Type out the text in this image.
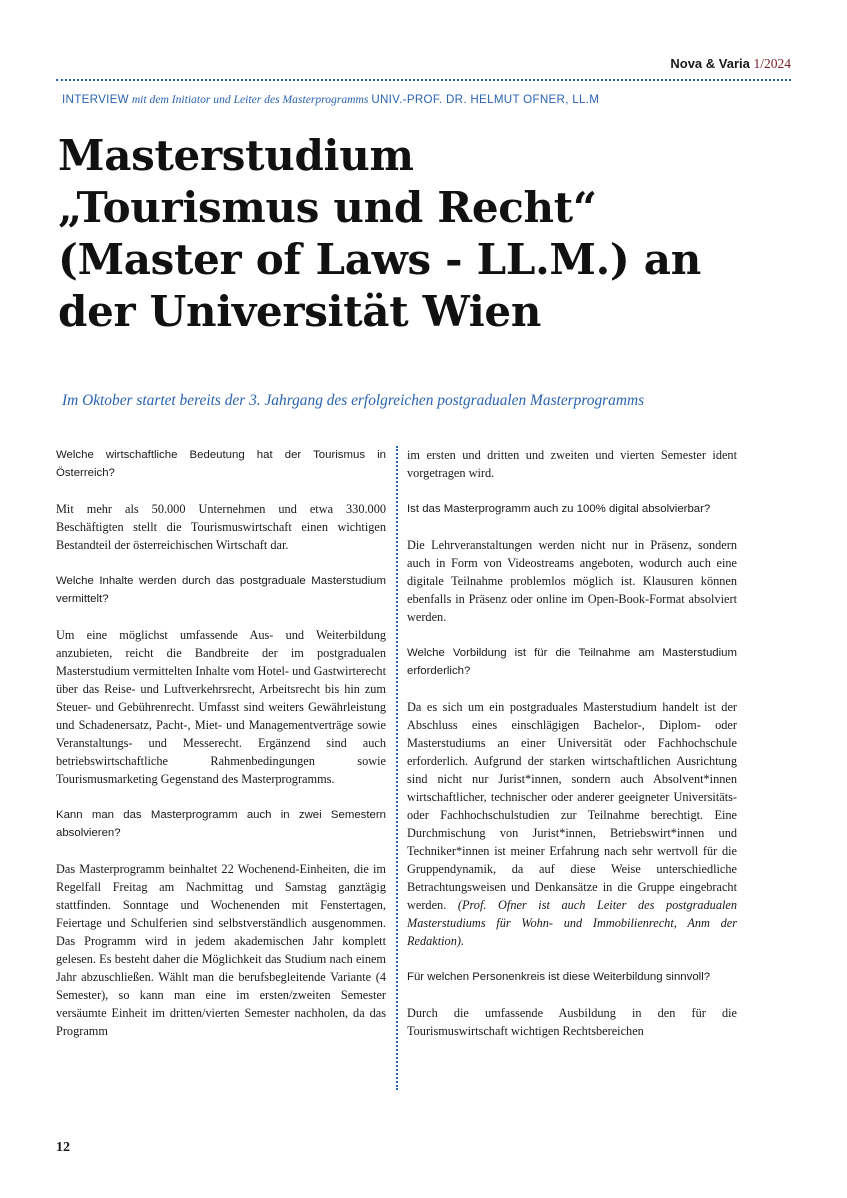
Nova & Varia 1/2024
INTERVIEW mit dem Initiator und Leiter des Masterprogramms UNIV.-PROF. DR. HELMUT OFNER, LL.M
Masterstudium
„Tourismus und Recht“
(Master of Laws - LL.M.) an
der Universität Wien
Im Oktober startet bereits der 3. Jahrgang des erfolgreichen postgradualen Masterprogramms

Welche wirtschaftliche Bedeutung hat der Tourismus in Österreich?

Mit mehr als 50.000 Unternehmen und etwa 330.000 Beschäftigten stellt die Tourismuswirtschaft einen wichtigen Bestandteil der österreichischen Wirtschaft dar.

Welche Inhalte werden durch das postgraduale Masterstudium vermittelt?

Um eine möglichst umfassende Aus- und Weiterbildung anzubieten, reicht die Bandbreite der im postgradualen Masterstudium vermittelten Inhalte vom Hotel- und Gastwirterecht über das Reise- und Luftverkehrsrecht, Arbeitsrecht bis hin zum Steuer- und Gebührenrecht. Umfasst sind weiters Gewährleistung und Schadenersatz, Pacht-, Miet- und Managementverträge sowie Veranstaltungs- und Messerecht. Ergänzend sind auch betriebswirtschaftliche Rahmenbedingungen sowie Tourismusmarketing Gegenstand des Masterprogramms.

Kann man das Masterprogramm auch in zwei Semestern absolvieren?

Das Masterprogramm beinhaltet 22 Wochenend-Einheiten, die im Regelfall Freitag am Nachmittag und Samstag ganztägig stattfinden. Sonntage und Wochenenden mit Fenstertagen, Feiertage und Schulferien sind selbstverständlich ausgenommen. Das Programm wird in jedem akademischen Jahr komplett gelesen. Es besteht daher die Möglichkeit das Studium nach einem Jahr abzuschließen. Wählt man die berufsbegleitende Variante (4 Semester), so kann man eine im ersten/zweiten Semester versäumte Einheit im dritten/vierten Semester nachholen, da das Programm

im ersten und dritten und zweiten und vierten Semester ident vorgetragen wird.

Ist das Masterprogramm auch zu 100% digital absolvierbar?

Die Lehrveranstaltungen werden nicht nur in Präsenz, sondern auch in Form von Videostreams angeboten, wodurch auch eine digitale Teilnahme problemlos möglich ist. Klausuren können ebenfalls in Präsenz oder online im Open-Book-Format absolviert werden.

Welche Vorbildung ist für die Teilnahme am Masterstudium erforderlich?

Da es sich um ein postgraduales Masterstudium handelt ist der Abschluss eines einschlägigen Bachelor-, Diplom- oder Masterstudiums an einer Universität oder Fachhochschule erforderlich. Aufgrund der starken wirtschaftlichen Ausrichtung sind nicht nur Jurist*innen, sondern auch Absolvent*innen wirtschaftlicher, technischer oder anderer geeigneter Universitäts- oder Fachhochschulstudien zur Teilnahme berechtigt. Eine Durchmischung von Jurist*innen, Betriebswirt*innen und Techniker*innen ist meiner Erfahrung nach sehr wertvoll für die Gruppendynamik, da auf diese Weise unterschiedliche Betrachtungsweisen und Denkansätze in die Gruppe eingebracht werden. (Prof. Ofner ist auch Leiter des postgradualen Masterstudiums für Wohn- und Immobilienrecht, Anm der Redaktion).

Für welchen Personenkreis ist diese Weiterbildung sinnvoll?

Durch die umfassende Ausbildung in den für die Tourismuswirtschaft wichtigen Rechtsbereichen

12
